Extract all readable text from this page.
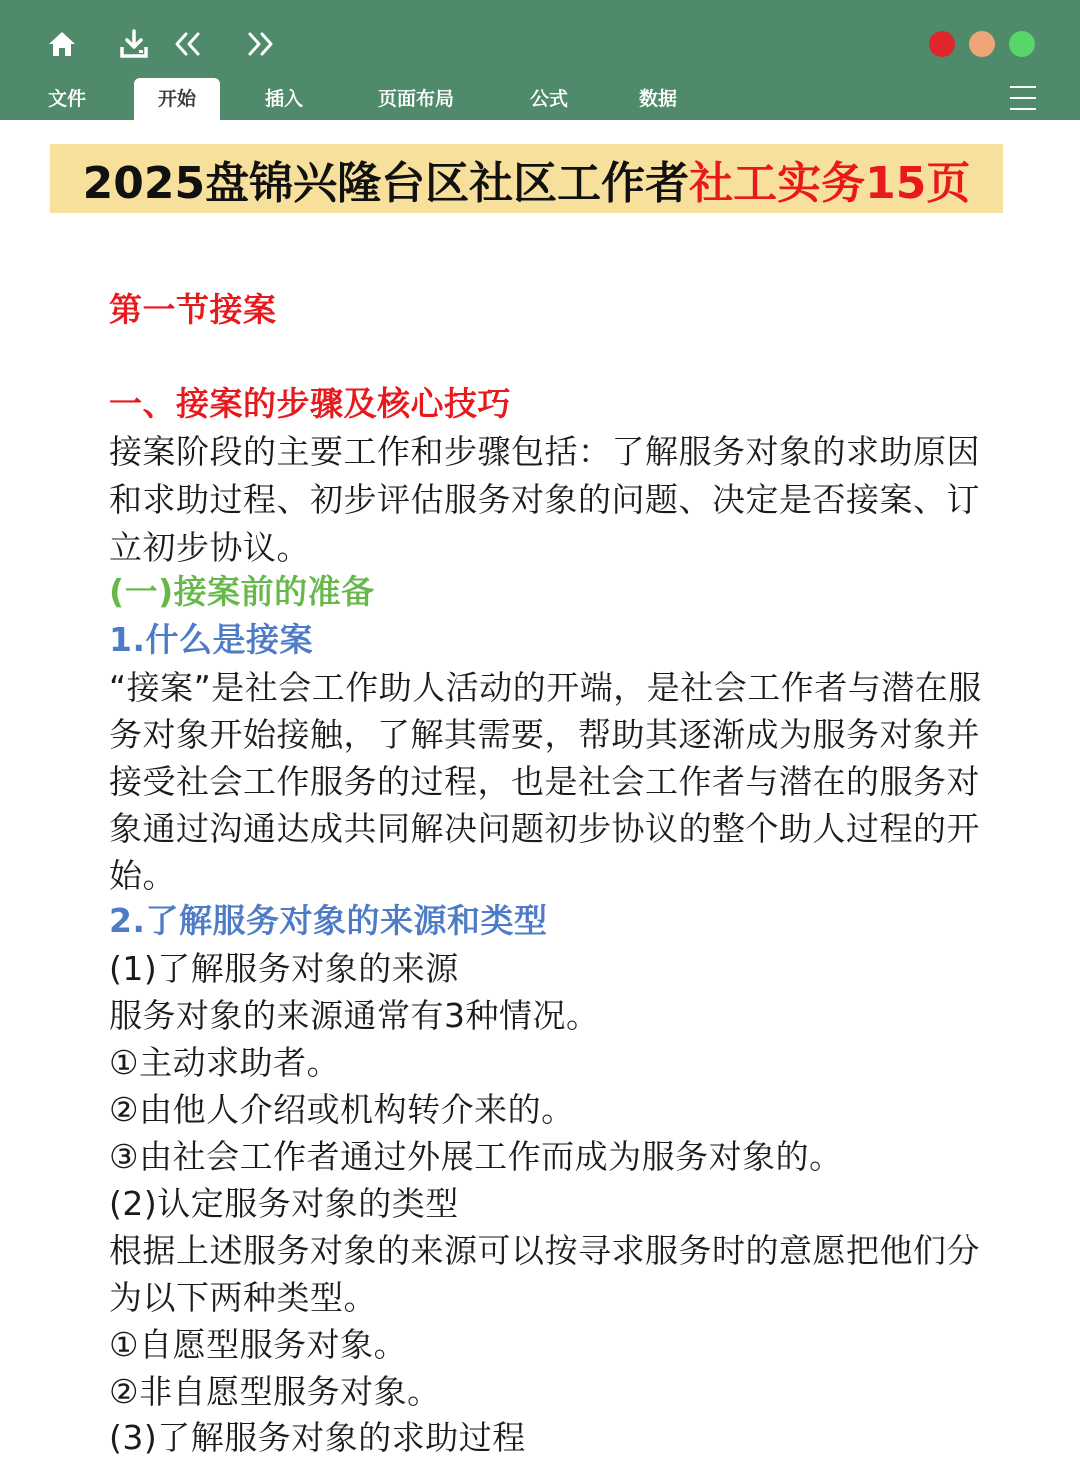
文件	开始	插入	页面布局	公式	数据
2025盘锦兴隆台区社区工作者 社工实务15页
第一节接案
一、接案的步骤及核心技巧
接案阶段的主要工作和步骤包括：了解服务对象的求助原因
和求助过程、初步评估服务对象的问题、决定是否接案、订
立初步协议。
(一)接案前的准备
1.什么是接案
“接案”是社会工作助人活动的开端，是社会工作者与潜在服
务对象开始接触，了解其需要，帮助其逐渐成为服务对象并
接受社会工作服务的过程，也是社会工作者与潜在的服务对
象通过沟通达成共同解决问题初步协议的整个助人过程的开
始。
2.了解服务对象的来源和类型
(1)了解服务对象的来源
服务对象的来源通常有3种情况。
①主动求助者。
②由他人介绍或机构转介来的。
③由社会工作者通过外展工作而成为服务对象的。
(2)认定服务对象的类型
根据上述服务对象的来源可以按寻求服务时的意愿把他们分
为以下两种类型。
①自愿型服务对象。
②非自愿型服务对象。
(3)了解服务对象的求助过程
